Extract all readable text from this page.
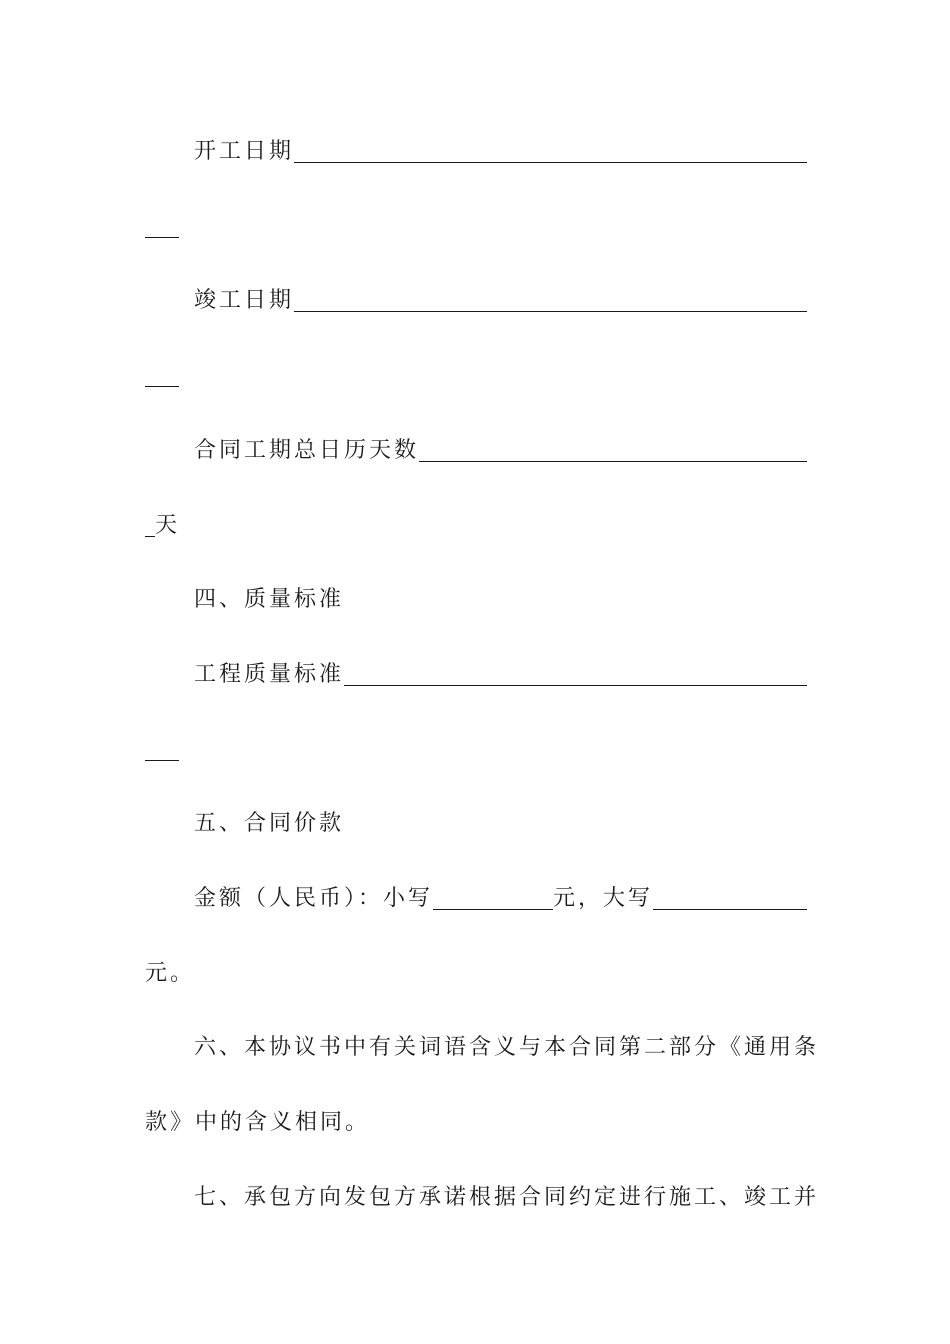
开工日期
竣工日期
合同工期总日历天数
天
四、质量标准
工程质量标准
五、合同价款
金额（人民币）：小写	元，大写
元。
六、本协议书中有关词语含义与本合同第二部分《通用条
款》中的含义相同。
七、承包方向发包方承诺根据合同约定进行施工、竣工并
